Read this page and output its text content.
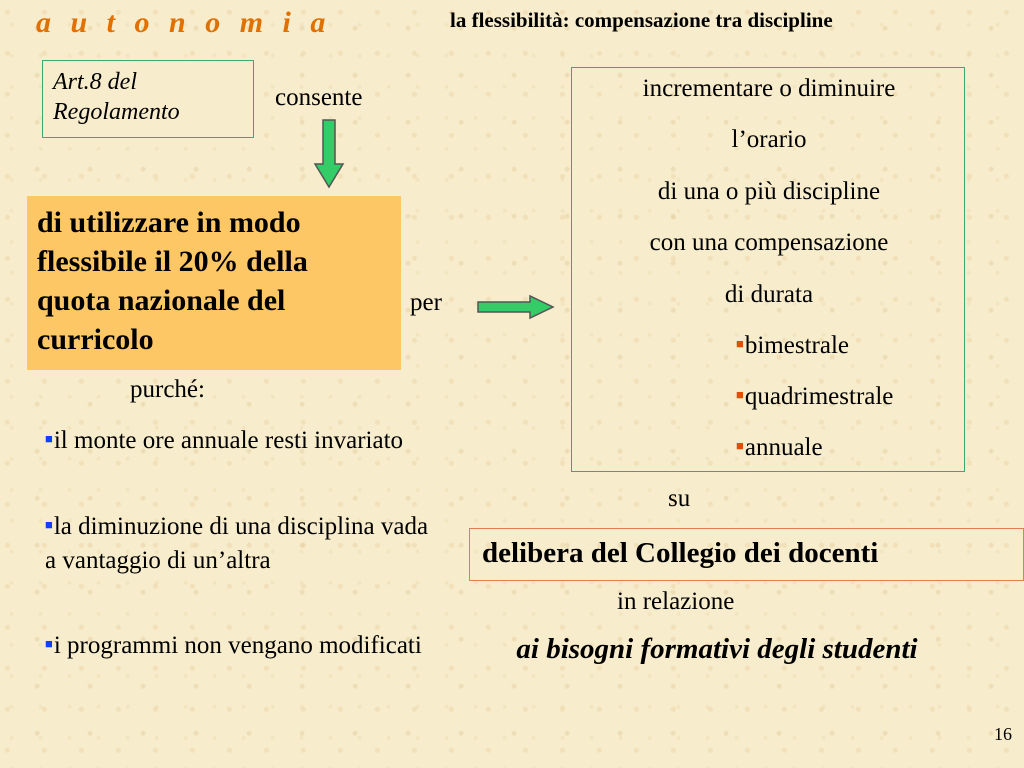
a u t o n o m i a	la flessibilità: compensazione tra discipline
Art.8 del
Regolamento
consente
di utilizzare in modo
flessibile il 20% della
quota nazionale del
curricolo
per
incrementare o diminuire
l’orario
di una o più discipline
con una compensazione
di durata
■bimestrale
■quadrimestrale
■annuale
purché:
■il monte ore annuale resti invariato
■la diminuzione di una disciplina vada a vantaggio di un’altra
■i programmi non vengano modificati
su
delibera del Collegio dei docenti
in relazione
ai bisogni formativi degli studenti
16
